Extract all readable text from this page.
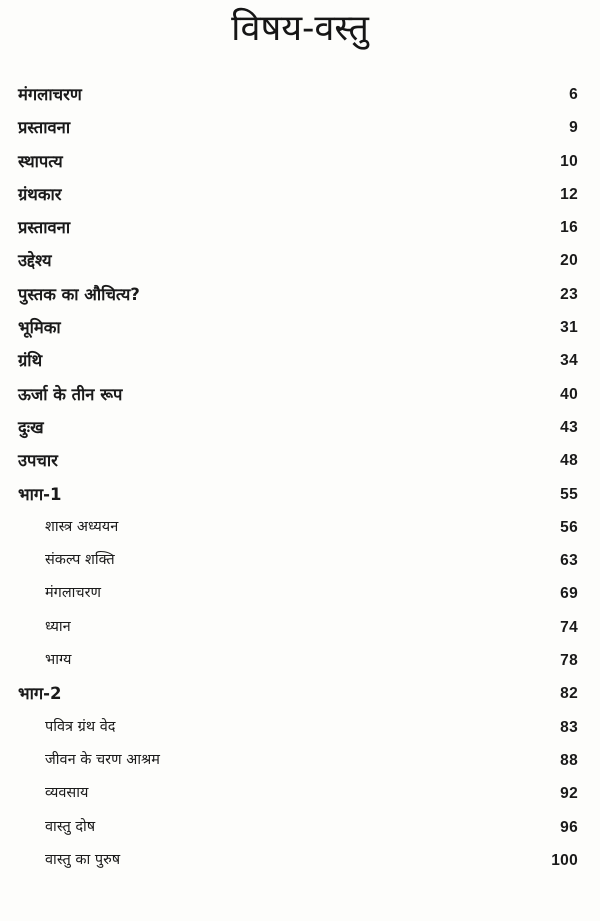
विषय-वस्तु
मंगलाचरण	6
प्रस्तावना	9
स्थापत्य	10
ग्रंथकार	12
प्रस्तावना	16
उद्देश्य	20
पुस्तक का औचित्य?	23
भूमिका	31
ग्रंथि	34
ऊर्जा के तीन रूप	40
दुःख	43
उपचार	48
भाग-1	55
शास्त्र अध्ययन	56
संकल्प शक्ति	63
मंगलाचरण	69
ध्यान	74
भाग्य	78
भाग-2	82
पवित्र ग्रंथ वेद	83
जीवन के चरण आश्रम	88
व्यवसाय	92
वास्तु दोष	96
वास्तु का पुरुष	100
